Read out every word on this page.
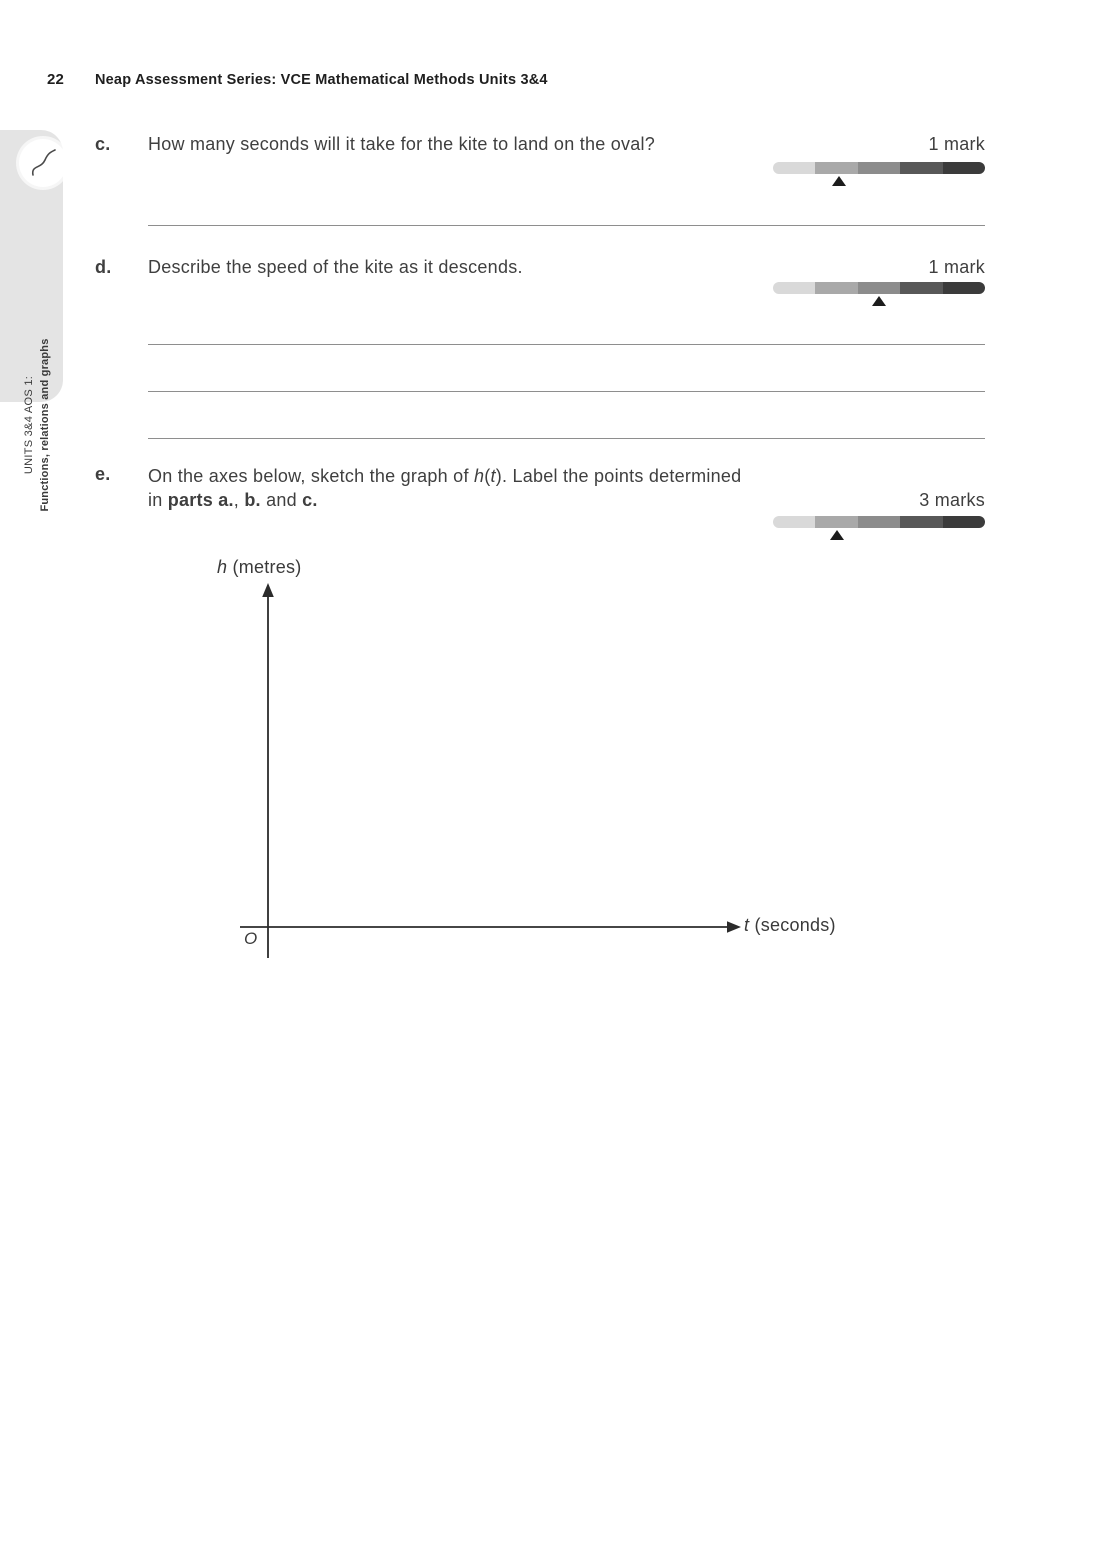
22 Neap Assessment Series: VCE Mathematical Methods Units 3&4
UNITS 3&4 AOS 1: Functions, relations and graphs
c.	How many seconds will it take for the kite to land on the oval?	1 mark
d.	Describe the speed of the kite as it descends.	1 mark
e.	On the axes below, sketch the graph of h(t). Label the points determined
in parts a., b. and c.	3 marks
h (metres)
t (seconds)
O
